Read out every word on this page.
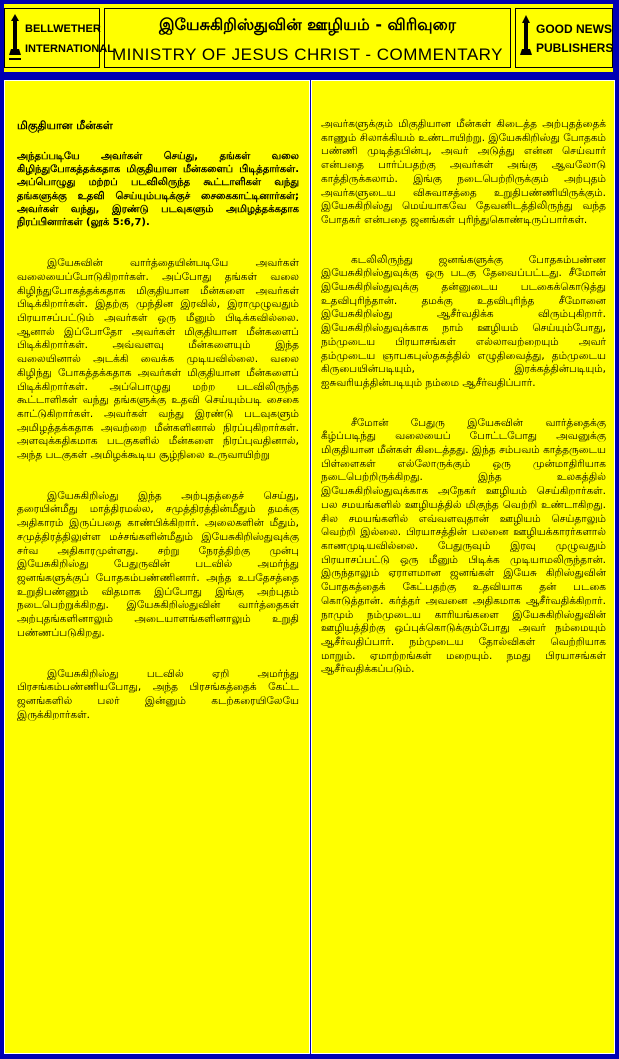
BELLWETHER
INTERNATIONAL
இயேசுகிறிஸ்துவின் ஊழியம் - விரிவுரை
MINISTRY OF JESUS CHRIST - COMMENTARY
GOOD NEWS
PUBLISHERS
மிகுதியான மீன்கள்
அந்தப்படியே அவர்கள் செய்து, தங்கள் வலை கிழிந்துபோகத்தக்கதாக மிகுதியான மீன்களைப் பிடித்தார்கள். அப்பொழுது மற்றப் படவிலிருந்த கூட்டாளிகள் வந்து தங்களுக்கு உதவி செய்யும்படிக்குச் சைகைகாட்டினார்கள்; அவர்கள் வந்து, இரண்டு படவுகளும் அமிழத்தக்கதாக நிரப்பினார்கள் (லூக் 5:6,7).

இயேசுவின் வார்த்தையின்படியே அவர்கள் வலையைப்போடுகிறார்கள். அப்போது தங்கள் வலை கிழிந்துபோகத்தக்கதாக மிகுதியான மீன்களை அவர்கள் பிடிக்கிறார்கள். இதற்கு முந்தின இரவில், இராமுழுவதும் பிரயாசப்பட்டும் அவர்கள் ஒரு மீனும் பிடிக்கவில்லை. ஆனால் இப்போதோ அவர்கள் மிகுதியான மீன்களைப் பிடிக்கிறார்கள். அவ்வளவு மீன்களையும் இந்த வலையினால் அடக்கி வைக்க முடியவில்லை. வலை கிழிந்து போகத்தக்கதாக அவர்கள் மிகுதியான மீன்களைப் பிடிக்கிறார்கள். அப்பொழுது மற்ற படவிலிருந்த கூட்டாளிகள் வந்து தங்களுக்கு உதவி செய்யும்படி சைகை காட்டுகிறார்கள். அவர்கள் வந்து இரண்டு படவுகளும் அமிழத்தக்கதாக அவற்றை மீன்களினால் நிரப்புகிறார்கள். அளவுக்கதிகமாக படகுகளில் மீன்களை நிரப்புவதினால், அந்த படகுகள் அமிழக்கூடிய சூழ்நிலை உருவாயிற்று

இயேசுகிறிஸ்து இந்த அற்புதத்தைச் செய்து, தரையின்மீது மாத்திரமல்ல, சமுத்திரத்தின்மீதும் தமக்கு அதிகாரம் இருப்பதை காண்பிக்கிறார். அலைகளின் மீதும், சமுத்திரத்திலுள்ள மச்சங்களின்மீதும் இயேசுகிறிஸ்துவுக்கு சர்வ அதிகாரமுள்ளது. சற்று நேரத்திற்கு முன்பு இயேசுகிறிஸ்து பேதுருவின் படவில் அமர்ந்து ஜனங்களுக்குப் போதகம்பண்ணினார். அந்த உபதேசத்தை உறுதிபண்ணும் விதமாக இப்போது இங்கு அற்புதம் நடைபெற்றுக்கிறது. இயேசுகிறிஸ்துவின் வார்த்தைகள் அற்புதங்களினாலும் அடையாளங்களினாலும் உறுதி பண்ணப்படுகிறது.

இயேசுகிறிஸ்து படவில் ஏறி அமர்ந்து பிரசங்கம்பண்ணியபோது, அந்த பிரசங்கத்தைக் கேட்ட ஜனங்களில் பலர் இன்னும் கடற்கரையிலேயே இருக்கிறார்கள்.

அவர்களுக்கும் மிகுதியான மீன்கள் கிடைத்த அற்புதத்தைக் காணும் சிலாக்கியம் உண்டாயிற்று. இயேசுகிறிஸ்து போதகம் பண்ணி முடித்தபின்பு, அவர் அடுத்து என்ன செய்வார் என்பதை பார்ப்பதற்கு அவர்கள் அங்கு ஆவலோடு காத்திருக்கலாம். இங்கு நடைபெற்றிருக்கும் அற்புதம் அவர்களுடைய விசுவாசத்தை உறுதிபண்ணியிருக்கும். இயேசுகிறிஸ்து மெய்யாகவே தேவனிடத்திலிருந்து வந்த போதகர் என்பதை ஜனங்கள் புரிந்துகொண்டிருப்பார்கள்.

கடலிலிருந்து ஜனங்களுக்கு போதகம்பண்ண இயேசுகிறிஸ்துவுக்கு ஒரு படகு தேவைப்பட்டது. சீமோன் இயேசுகிறிஸ்துவுக்கு தன்னுடைய படகைக்கொடுத்து உதவிபுரிந்தான். தமக்கு உதவிபுரிந்த சீமோனை இயேசுகிறிஸ்து ஆசீர்வதிக்க விரும்புகிறார். இயேசுகிறிஸ்துவுக்காக நாம் ஊழியம் செய்யும்போது, நம்முடைய பிரயாசங்கள் எல்லாவற்றையும் அவர் தம்முடைய ஞாபகபுஸ்தகத்தில் எழுதிவைத்து, தம்முடைய கிருபையின்படியும், இரக்கத்தின்படியும், ஐசுவரியத்தின்படியும் நம்மை ஆசீர்வதிப்பார்.

சீமோன் பேதுரு இயேசுவின் வார்த்தைக்கு கீழ்ப்படிந்து வலையைப் போட்டபோது அவனுக்கு மிகுதியான மீன்கள் கிடைத்தது. இந்த சம்பவம் காத்தருடைய பிள்ளைகள் எல்லோருக்கும் ஒரு முன்மாதிரியாக நடைபெற்றிருக்கிறது. இந்த உலகத்தில் இயேசுகிறிஸ்துவுக்காக அநேகர் ஊழியம் செய்கிறார்கள். பல சமயங்களில் ஊழியத்தில் மிகுந்த வெற்றி உண்டாகிறது. சில சமயங்களில் எவ்வளவுதான் ஊழியம் செய்தாலும் வெற்றி இல்லை. பிரயாசத்தின் பலனை ஊழியக்காரர்களால் காணமுடியவில்லை. பேதுருவும் இரவு முழுவதும் பிரயாசப்பட்டு ஒரு மீனும் பிடிக்க முடியாமலிருந்தான். இருந்தாலும் ஏராளமான ஜனங்கள் இயேசு கிறிஸ்துவின் போதகத்தைக் கேட்பதற்கு உதவியாக தன் படகை கொடுத்தான். கர்த்தர் அவனை அதிகமாக ஆசீர்வதிக்கிறார். நாமும் நம்முடைய காரியங்களை இயேசுகிறிஸ்துவின் ஊழியத்திற்கு ஒப்புக்கொடுக்கும்போது அவர் நம்மையும் ஆசீர்வதிப்பார். நம்முடைய தோல்விகள் வெற்றியாக மாறும். ஏமாற்றங்கள் மறையும். நமது பிரயாசங்கள் ஆசீர்வதிக்கப்படும்.
